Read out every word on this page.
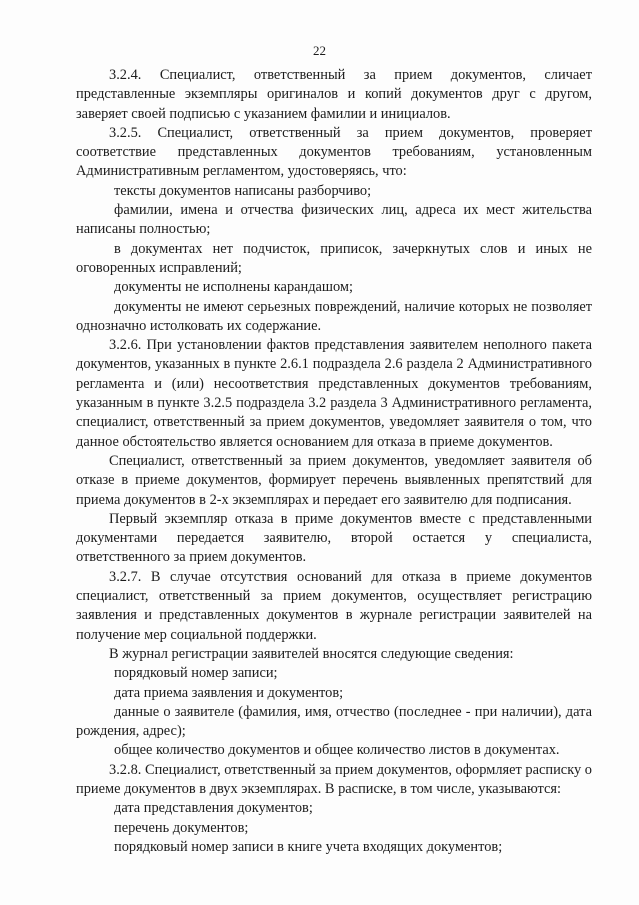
22

3.2.4. Специалист, ответственный за прием документов, сличает представленные экземпляры оригиналов и копий документов друг с другом, заверяет своей подписью с указанием фамилии и инициалов.

3.2.5. Специалист, ответственный за прием документов, проверяет соответствие представленных документов требованиям, установленным Административным регламентом, удостоверяясь, что:

тексты документов написаны разборчиво;

фамилии, имена и отчества физических лиц, адреса их мест жительства написаны полностью;

в документах нет подчисток, приписок, зачеркнутых слов и иных не оговоренных исправлений;

документы не исполнены карандашом;

документы не имеют серьезных повреждений, наличие которых не позволяет однозначно истолковать их содержание.

3.2.6. При установлении фактов представления заявителем неполного пакета документов, указанных в пункте 2.6.1 подраздела 2.6 раздела 2 Административного регламента и (или) несоответствия представленных документов требованиям, указанным в пункте 3.2.5 подраздела 3.2 раздела 3 Административного регламента, специалист, ответственный за прием документов, уведомляет заявителя о том, что данное обстоятельство является основанием для отказа в приеме документов.

Специалист, ответственный за прием документов, уведомляет заявителя об отказе в приеме документов, формирует перечень выявленных препятствий для приема документов в 2-х экземплярах и передает его заявителю для подписания.

Первый экземпляр отказа в приме документов вместе с представленными документами передается заявителю, второй остается у специалиста, ответственного за прием документов.

3.2.7. В случае отсутствия оснований для отказа в приеме документов специалист, ответственный за прием документов, осуществляет регистрацию заявления и представленных документов в журнале регистрации заявителей на получение мер социальной поддержки.

В журнал регистрации заявителей вносятся следующие сведения:

порядковый номер записи;

дата приема заявления и документов;

данные о заявителе (фамилия, имя, отчество (последнее - при наличии), дата рождения, адрес);

общее количество документов и общее количество листов в документах.

3.2.8. Специалист, ответственный за прием документов, оформляет расписку о приеме документов в двух экземплярах. В расписке, в том числе, указываются:

дата представления документов;

перечень документов;

порядковый номер записи в книге учета входящих документов;
